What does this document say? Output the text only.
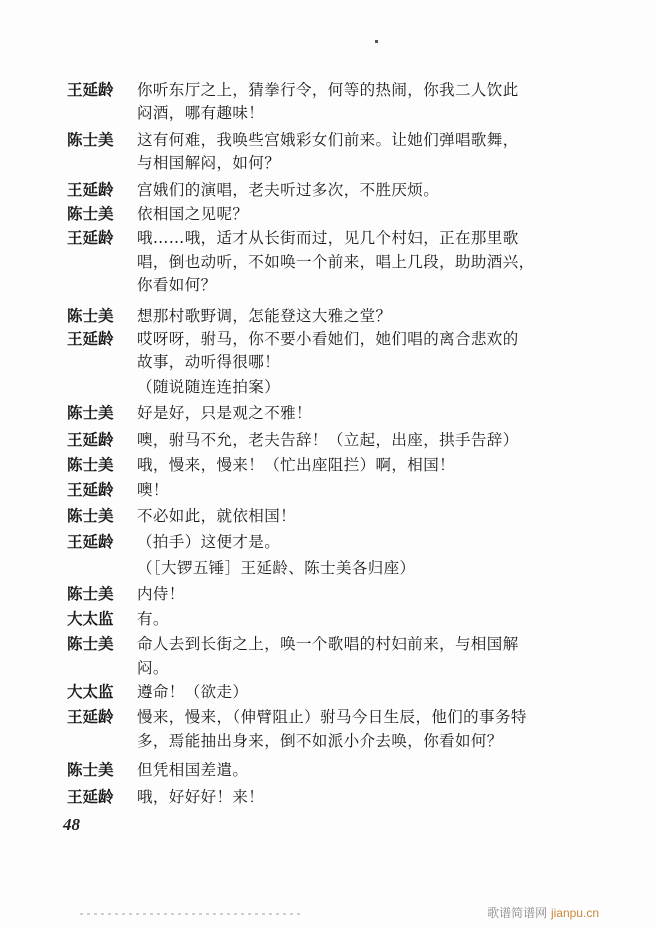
王延龄 你听东厅之上，猜拳行令，何等的热闹，你我二人饮此
闷酒，哪有趣味！
陈士美 这有何难，我唤些宫娥彩女们前来。让她们弹唱歌舞，
与相国解闷，如何？
王延龄 宫娥们的演唱，老夫听过多次，不胜厌烦。
陈士美 依相国之见呢？
王延龄 哦……哦，适才从长街而过，见几个村妇，正在那里歌
唱，倒也动听，不如唤一个前来，唱上几段，助助酒兴，
你看如何？
陈士美 想那村歌野调，怎能登这大雅之堂？
王延龄 哎呀呀，驸马，你不要小看她们，她们唱的离合悲欢的
故事，动听得很哪！
（随说随连连拍案）
陈士美 好是好，只是观之不雅！
王延龄 噢，驸马不允，老夫告辞！（立起，出座，拱手告辞）
陈士美 哦，慢来，慢来！（忙出座阻拦）啊，相国！
王延龄 噢！
陈士美 不必如此，就依相国！
王延龄 （拍手）这便才是。
（［大锣五锤］王延龄、陈士美各归座）
陈士美 内侍！
大太监 有。
陈士美 命人去到长街之上，唤一个歌唱的村妇前来，与相国解
闷。
大太监 遵命！（欲走）
王延龄 慢来，慢来，（伸臂阻止）驸马今日生辰，他们的事务特
多，焉能抽出身来，倒不如派小介去唤，你看如何？
陈士美 但凭相国差遣。
王延龄 哦，好好好！来！
48
歌谱简谱网 jianpu.cn
